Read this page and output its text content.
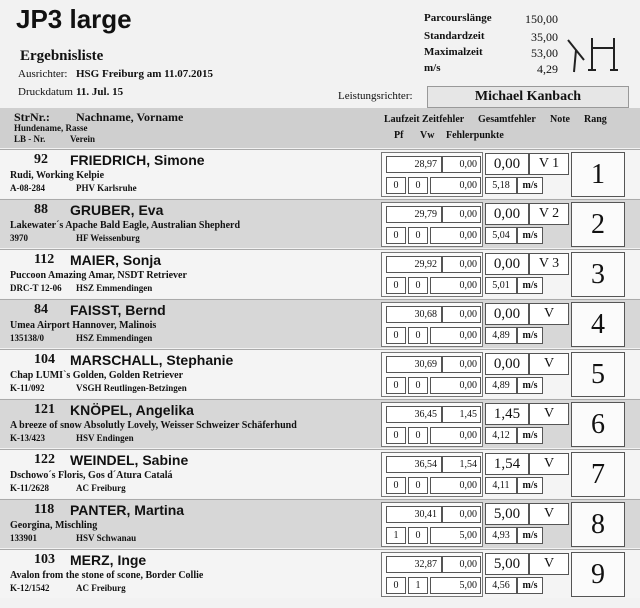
JP3 large
Ergebnisliste
Ausrichter: HSG Freiburg am 11.07.2015
Druckdatum 11. Jul. 15	Leistungsrichter:	Michael Kanbach
Parcourslänge	150,00
Standardzeit	35,00
Maximalzeit	53,00
m/s	4,29
StrNr.: Nachname, Vorname
Hundename, Rasse
LB - Nr.	Verein
Laufzeit Zeitfehler Gesamtfehler Note Rang
Pf Vw Fehlerpunkte
92 FRIEDRICH, Simone
Rudi, Working Kelpie
A-08-284	PHV Karlsruhe
28,97	0,00
0	0	0,00
0,00	V 1
5,18	m/s	1
88 GRUBER, Eva
Lakewater´s Apache Bald Eagle, Australian Shepherd
3970	HF Weissenburg
29,79	0,00
0	0	0,00
0,00	V 2
5,04	m/s	2
112 MAIER, Sonja
Puccoon Amazing Amar, NSDT Retriever
DRC-T 12-06 HSZ Emmendingen
29,92	0,00
0	0	0,00
0,00	V 3
5,01	m/s	3
84 FAISST, Bernd
Umea Airport Hannover, Malinois
135138/0	HSZ Emmendingen
30,68	0,00
0	0	0,00
0,00	V
4,89	m/s	4
104 MARSCHALL, Stephanie
Chap LUMI`s Golden, Golden Retriever
K-11/092	VSGH Reutlingen-Betzingen
30,69	0,00
0	0	0,00
0,00	V
4,89	m/s	5
121 KNÖPEL, Angelika
A breeze of snow Absolutly Lovely, Weisser Schweizer Schäferhund
K-13/423	HSV Endingen
36,45	1,45
0	0	0,00
1,45	V
4,12	m/s	6
122 WEINDEL, Sabine
Dschowo´s Floris, Gos d´Atura Catalá
K-11/2628	AC Freiburg
36,54	1,54
0	0	0,00
1,54	V
4,11	m/s	7
118 PANTER, Martina
Georgina, Mischling
133901	HSV Schwanau
30,41	0,00
1	0	5,00
5,00	V
4,93	m/s	8
103 MERZ, Inge
Avalon from the stone of scone, Border Collie
K-12/1542	AC Freiburg
32,87	0,00
0	1	5,00
5,00	V
4,56	m/s	9
